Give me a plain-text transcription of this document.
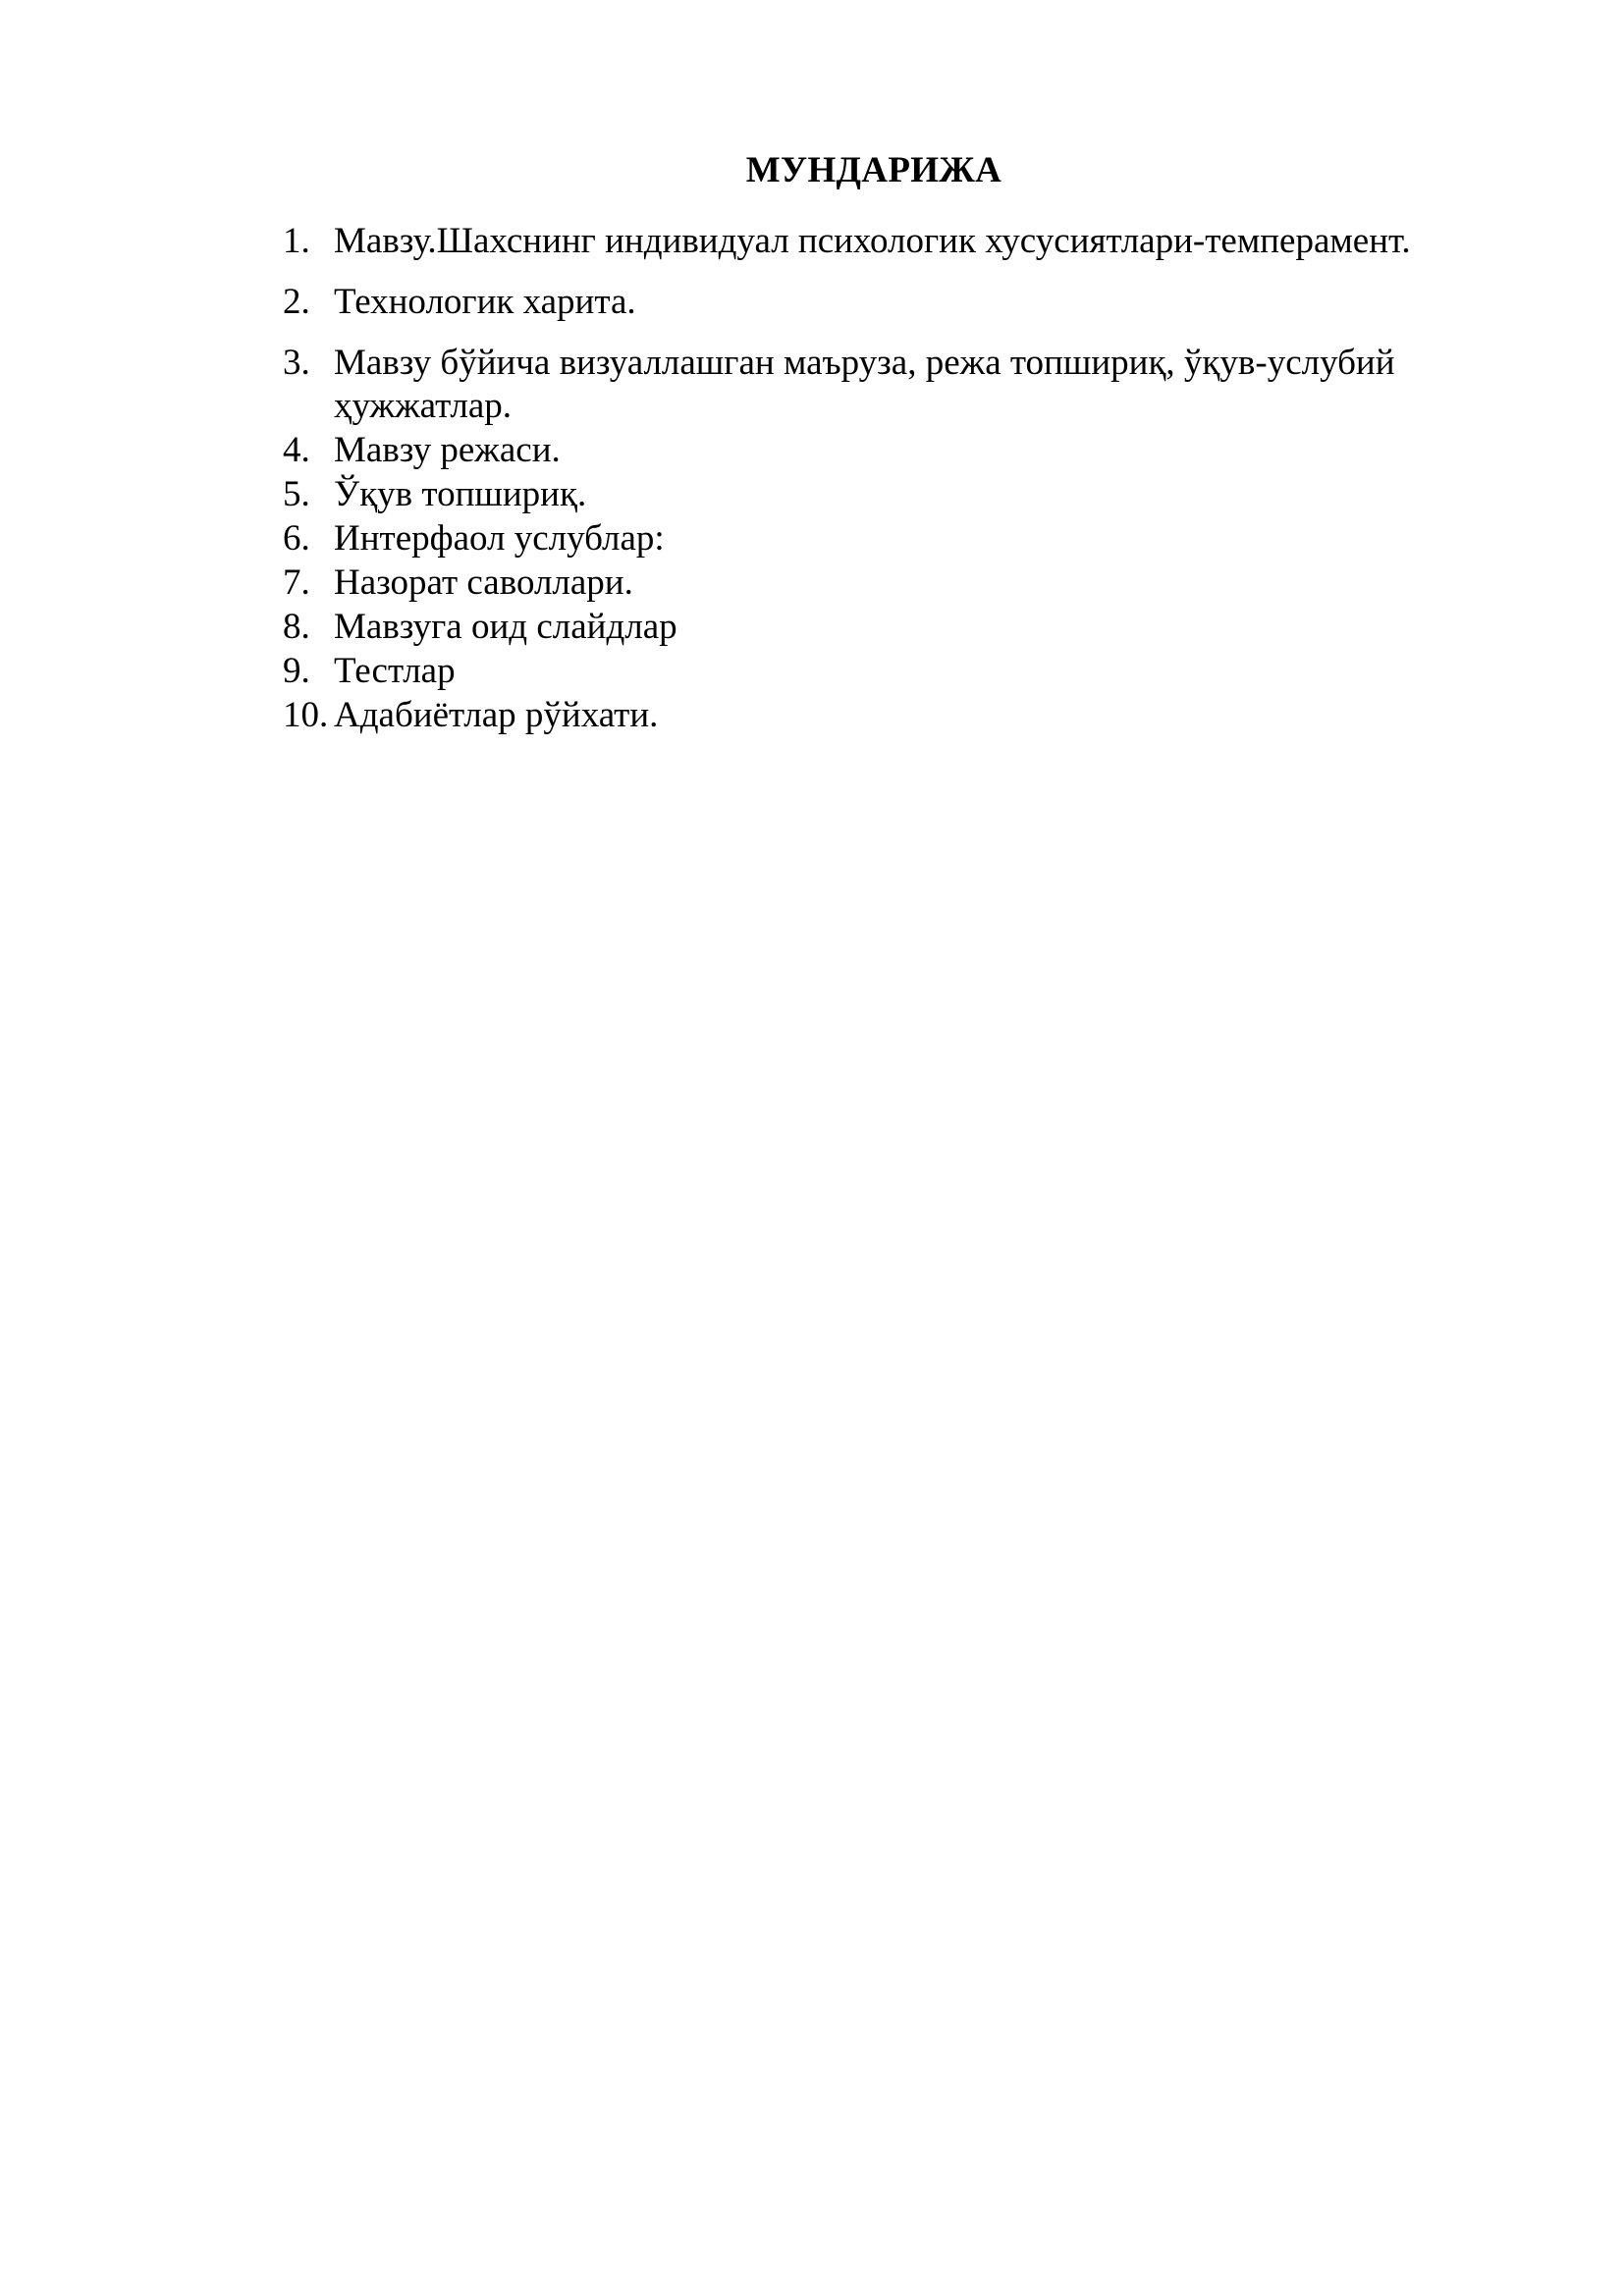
МУНДАРИЖА
1. Мавзу.Шахснинг индивидуал психологик хусусиятлари-темперамент.
2. Технологик харита.
3. Мавзу бўйича визуаллашган маърузa, режа топшириқ, ўқув-услубий ҳужжатлар.
4. Мавзу режаси.
5. Ўқув топшириқ.
6. Интерфаол услублар:
7. Назорат саволлари.
8. Мавзуга оид слайдлар
9. Тестлар
10. Адабиётлар рўйхати.
